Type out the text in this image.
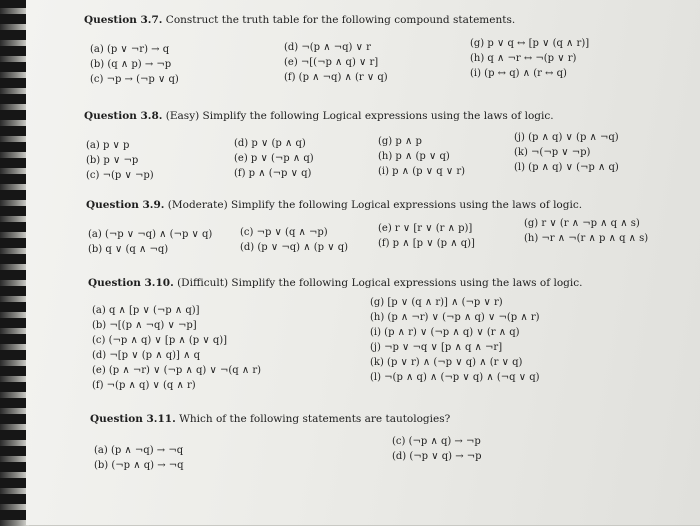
Question 3.7. Construct the truth table for the following compound statements.
(a) (p ∨ ¬r) → q
(b) (q ∧ p) → ¬p
(c) ¬p → (¬p ∨ q)
(d) ¬(p ∧ ¬q) ∨ r
(e) ¬[(¬p ∧ q) ∨ r]
(f) (p ∧ ¬q) ∧ (r ∨ q)
(g) p ∨ q ↔ [p ∨ (q ∧ r)]
(h) q ∧ ¬r ↔ ¬(p ∨ r)
(i) (p ↔ q) ∧ (r ↔ q)
Question 3.8. (Easy) Simplify the following Logical expressions using the laws of logic.
(a) p ∨ p
(b) p ∨ ¬p
(c) ¬(p ∨ ¬p)
(d) p ∨ (p ∧ q)
(e) p ∨ (¬p ∧ q)
(f) p ∧ (¬p ∨ q)
(g) p ∧ p
(h) p ∧ (p ∨ q)
(i) p ∧ (p ∨ q ∨ r)
(j) (p ∧ q) ∨ (p ∧ ¬q)
(k) ¬(¬p ∨ ¬p)
(l) (p ∧ q) ∨ (¬p ∧ q)
Question 3.9. (Moderate) Simplify the following Logical expressions using the laws of logic.
(a) (¬p ∨ ¬q) ∧ (¬p ∨ q)
(b) q ∨ (q ∧ ¬q)
(c) ¬p ∨ (q ∧ ¬p)
(d) (p ∨ ¬q) ∧ (p ∨ q)
(e) r ∨ [r ∨ (r ∧ p)]
(f) p ∧ [p ∨ (p ∧ q)]
(g) r ∨ (r ∧ ¬p ∧ q ∧ s)
(h) ¬r ∧ ¬(r ∧ p ∧ q ∧ s)
Question 3.10. (Difficult) Simplify the following Logical expressions using the laws of logic.
(a) q ∧ [p ∨ (¬p ∧ q)]
(b) ¬[(p ∧ ¬q) ∨ ¬p]
(c) (¬p ∧ q) ∨ [p ∧ (p ∨ q)]
(d) ¬[p ∨ (p ∧ q)] ∧ q
(e) (p ∧ ¬r) ∨ (¬p ∧ q) ∨ ¬(q ∧ r)
(f) ¬(p ∧ q) ∨ (q ∧ r)
(g) [p ∨ (q ∧ r)] ∧ (¬p ∨ r)
(h) (p ∧ ¬r) ∨ (¬p ∧ q) ∨ ¬(p ∧ r)
(i) (p ∧ r) ∨ (¬p ∧ q) ∨ (r ∧ q)
(j) ¬p ∨ ¬q ∨ [p ∧ q ∧ ¬r]
(k) (p ∨ r) ∧ (¬p ∨ q) ∧ (r ∨ q)
(l) ¬(p ∧ q) ∧ (¬p ∨ q) ∧ (¬q ∨ q)
Question 3.11. Which of the following statements are tautologies?
(a) (p ∧ ¬q) → ¬q
(b) (¬p ∧ q) → ¬q
(c) (¬p ∧ q) → ¬p
(d) (¬p ∨ q) → ¬p
